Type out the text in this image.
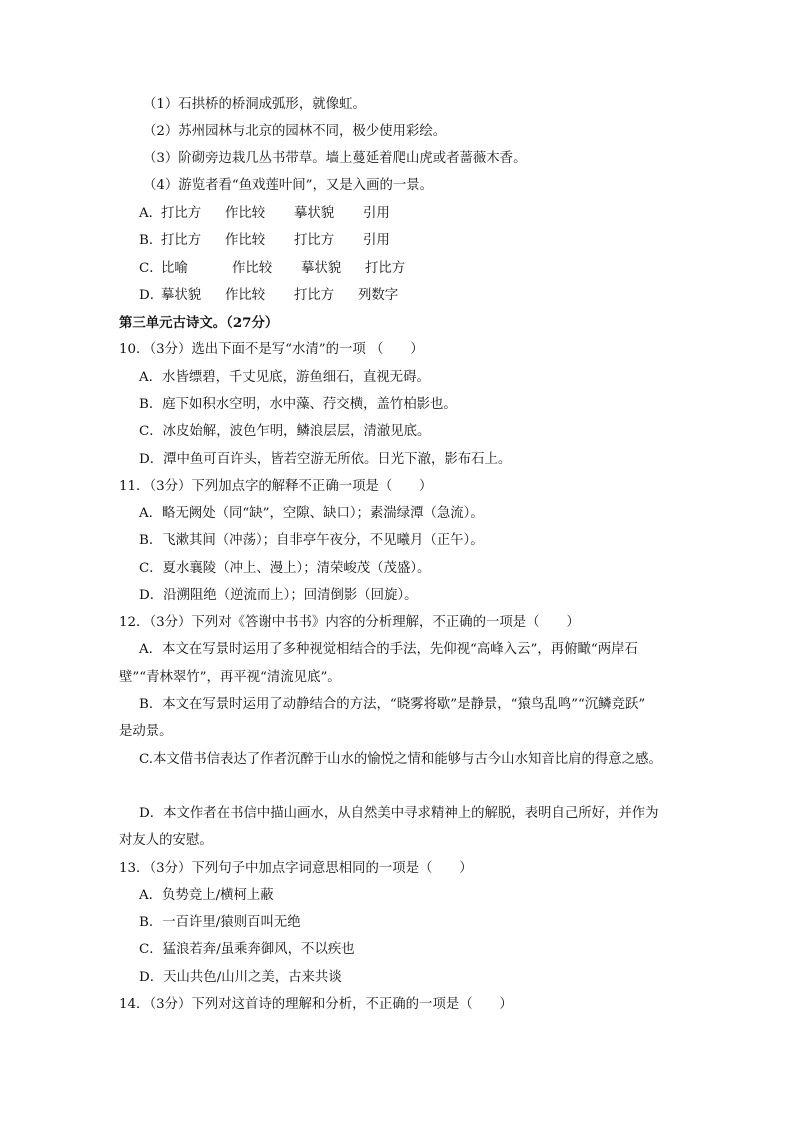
（1）石拱桥的桥洞成弧形，就像虹。
（2）苏州园林与北京的园林不同，极少使用彩绘。
（3）阶砌旁边栽几丛书带草。墙上蔓延着爬山虎或者蔷薇木香。
（4）游览者看“鱼戏莲叶间”，又是入画的一景。
A．
打比方 作比较 摹状貌 引用
B．
打比方 作比较 打比方 引用
C．
比喻	作比较 摹状貌 打比方
D．
摹状貌 作比较 打比方 列数字
第三单元古诗文。（27分）
10．（3分）选出下面不是写“水清”的一项 （　　）
A．水皆缥碧，千丈见底，游鱼细石，直视无碍。
B．庭下如积水空明，水中藻、荇交横，盖竹柏影也。
C．冰皮始解，波色乍明，鳞浪层层，清澈见底。
D．潭中鱼可百许头，皆若空游无所依。日光下澈，影布石上。
11．（3分）下列加点字的解释不正确一项是（　　）
A．略无阙处（同“缺”，空隙、缺口）；素湍绿潭（急流）。
B．飞漱其间（冲荡）；自非亭午夜分，不见曦月（正午）。
C．夏水襄陵（冲上、漫上）；清荣峻茂（茂盛）。
D．沿溯阻绝（逆流而上）；回清倒影（回旋）。
12．（3分）下列对《答谢中书书》内容的分析理解，不正确的一项是（　　）
A．本文在写景时运用了多种视觉相结合的手法，先仰视“高峰入云”，再俯瞰“两岸石
壁”“青林翠竹”，再平视“清流见底”。
B．本文在写景时运用了动静结合的方法，“晓雾将歇”是静景，“猿鸟乱鸣”“沉鳞竞跃”
是动景。
C.本文借书信表达了作者沉醉于山水的愉悦之情和能够与古今山水知音比肩的得意之感。
D．本文作者在书信中描山画水，从自然美中寻求精神上的解脱，表明自己所好，并作为
对友人的安慰。
13．（3分）下列句子中加点字词意思相同的一项是（　　）
A．负势竞上/横柯上蔽
B．一百许里/猿则百叫无绝
C．猛浪若奔/虽乘奔御风，不以疾也
D．天山共色/山川之美，古来共谈
14．（3分）下列对这首诗的理解和分析，不正确的一项是（　　）
